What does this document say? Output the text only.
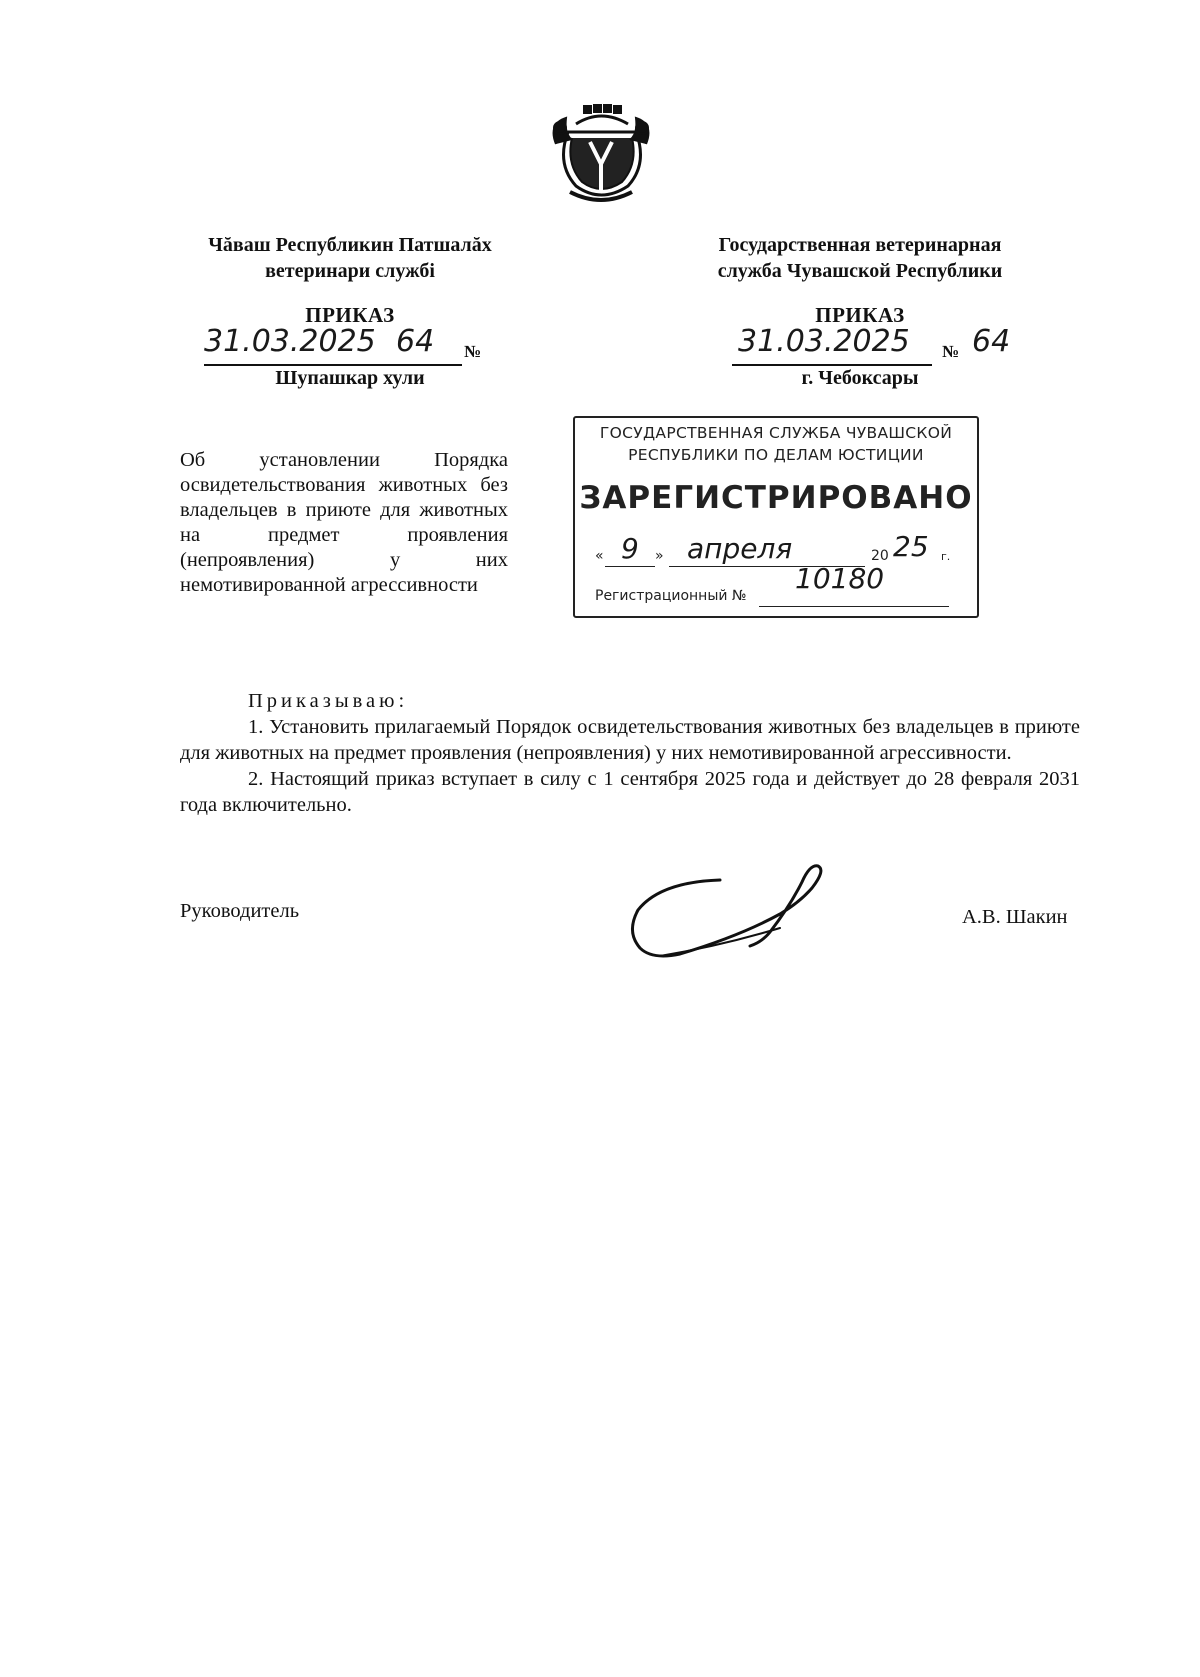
Чăваш Республикин Патшалăх
ветеринари службi
ПРИКАЗ
31.03.2025 64 №
Шупашкар хули
Государственная ветеринарная
служба Чувашской Республики
ПРИКАЗ
31.03.2025 № 64
г. Чебоксары
Об установлении Порядка освидетельствования животных без владельцев в приюте для животных на предмет проявления (непроявления) у них немотивированной агрессивности
ГОСУДАРСТВЕННАЯ СЛУЖБА ЧУВАШСКОЙ
РЕСПУБЛИКИ ПО ДЕЛАМ ЮСТИЦИИ
ЗАРЕГИСТРИРОВАНО
« 9 » апреля	20 25 г.
Регистрационный №
10180
Приказываю:
1. Установить прилагаемый Порядок освидетельствования животных без владельцев в приюте для животных на предмет проявления (непроявления) у них немотивированной агрессивности.
2. Настоящий приказ вступает в силу с 1 сентября 2025 года и действует до 28 февраля 2031 года включительно.
Руководитель	А.В. Шакин
